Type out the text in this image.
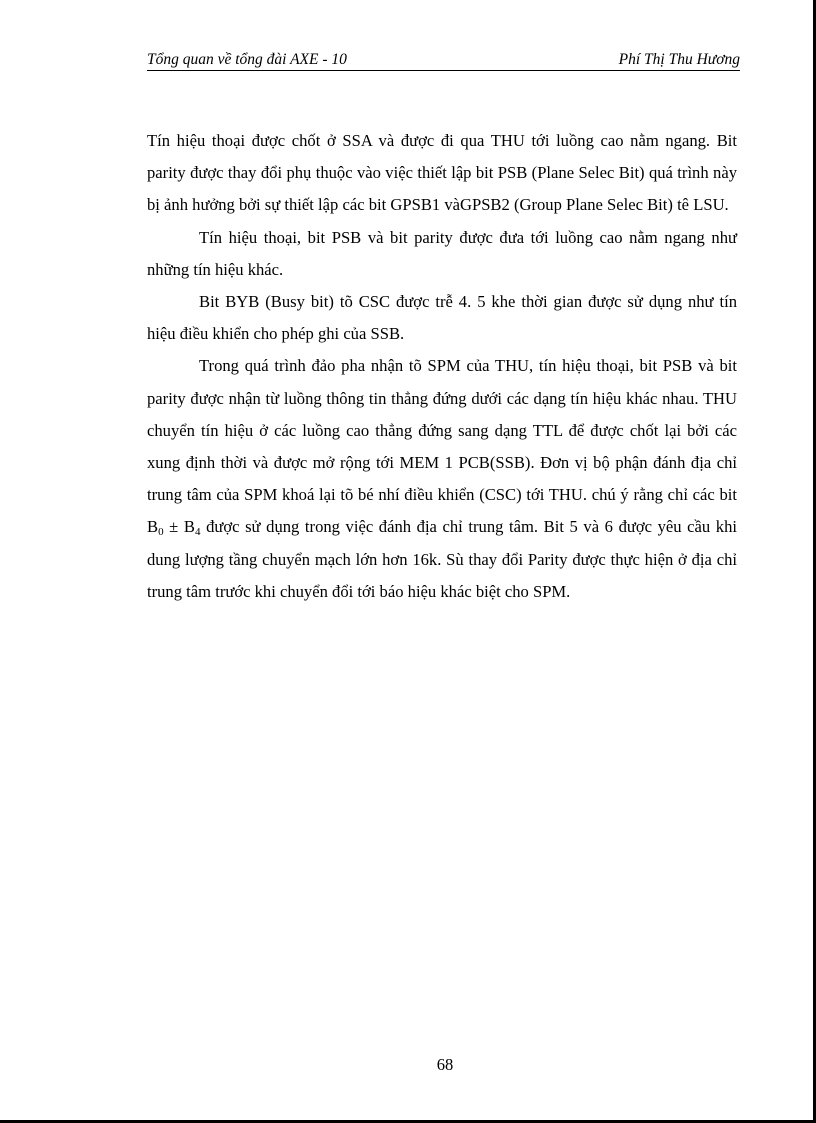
Tổng quan về tổng đài AXE - 10	Phí Thị Thu Hương

Tín hiệu thoại được chốt ở SSA và được đi qua THU tới luồng cao nằm ngang. Bit parity được thay đổi phụ thuộc vào việc thiết lập bit PSB (Plane Selec Bit) quá trình này bị ảnh hưởng bởi sự thiết lập các bit GPSB1 vàGPSB2 (Group Plane Selec Bit) tê LSU.

Tín hiệu thoại, bit PSB và bit parity được đưa tới luồng cao nằm ngang như những tín hiệu khác.

Bit BYB (Busy bit) tõ CSC được trễ 4. 5 khe thời gian được sử dụng như tín hiệu điều khiển cho phép ghi của SSB.

Trong quá trình đảo pha nhận tõ SPM của THU, tín hiệu thoại, bit PSB và bit parity được nhận từ luồng thông tin thẳng đứng dưới các dạng tín hiệu khác nhau. THU chuyển tín hiệu ở các luồng cao thẳng đứng sang dạng TTL để được chốt lại bởi các xung định thời và được mở rộng tới MEM 1 PCB(SSB). Đơn vị bộ phận đánh địa chỉ trung tâm của SPM khoá lại tõ bé nhí điều khiển (CSC) tới THU. chú ý rằng chỉ các bit $B_0 \pm B_4$ được sử dụng trong việc đánh địa chỉ trung tâm. Bit 5 và 6 được yêu cầu khi dung lượng tầng chuyển mạch lớn hơn 16k. Sù thay đổi Parity được thực hiện ở địa chỉ trung tâm trước khi chuyển đổi tới báo hiệu khác biệt cho SPM.

68
